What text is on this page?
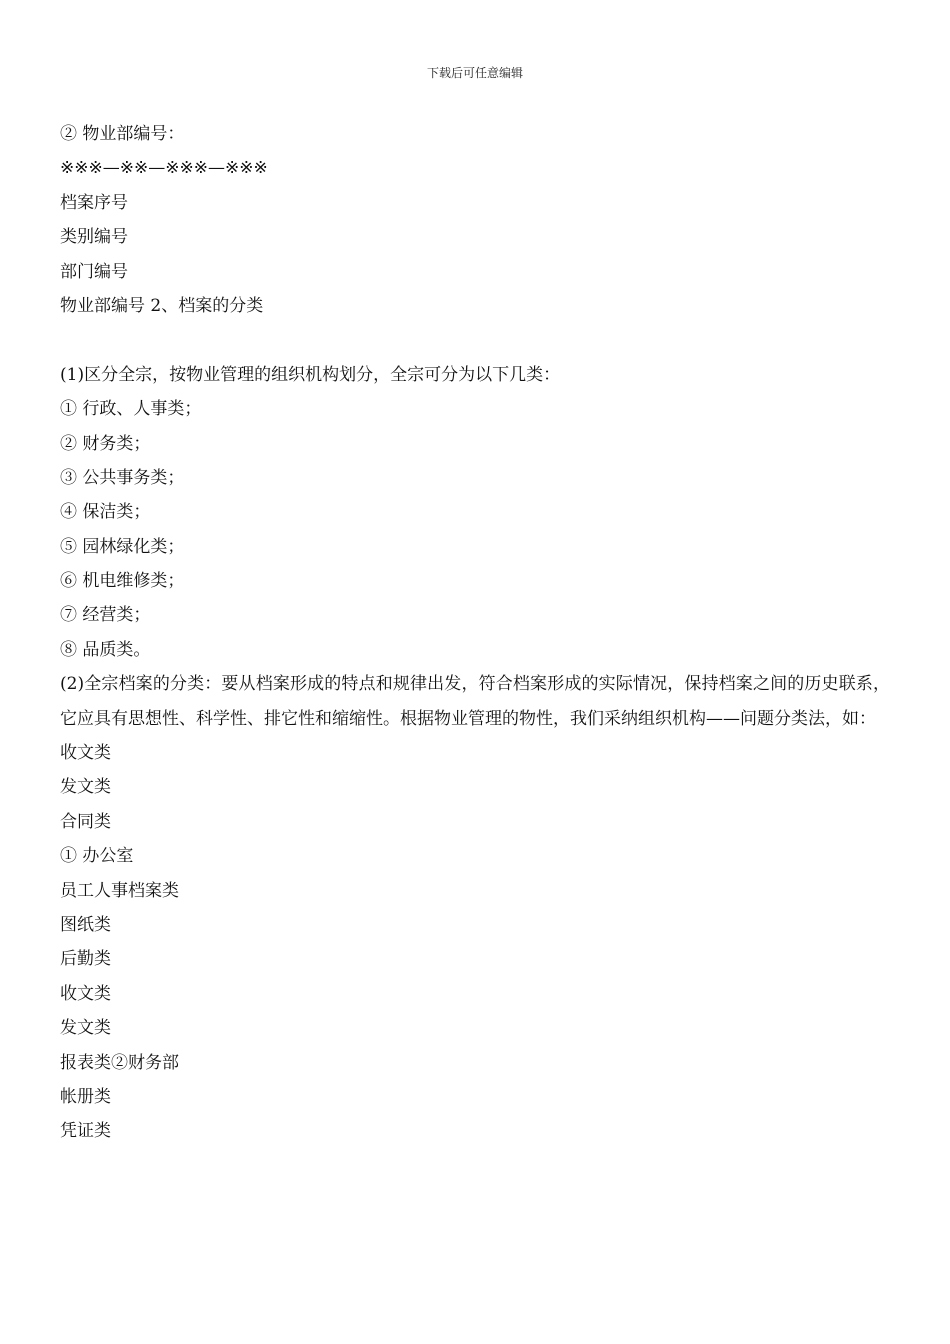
下载后可任意编辑
② 物业部编号：
※※※—※※—※※※—※※※
档案序号
类别编号
部门编号
物业部编号 2、档案的分类
(1)区分全宗，按物业管理的组织机构划分，全宗可分为以下几类：
① 行政、人事类；
② 财务类；
③ 公共事务类；
④ 保洁类；
⑤ 园林绿化类；
⑥ 机电维修类；
⑦ 经营类；
⑧ 品质类。
(2)全宗档案的分类：要从档案形成的特点和规律出发，符合档案形成的实际情况，保持档案之间的历史联系，它应具有思想性、科学性、排它性和缩缩性。根据物业管理的物性，我们采纳组织机构——问题分类法，如：
收文类
发文类
合同类
① 办公室
员工人事档案类
图纸类
后勤类
收文类
发文类
报表类②财务部
帐册类
凭证类
